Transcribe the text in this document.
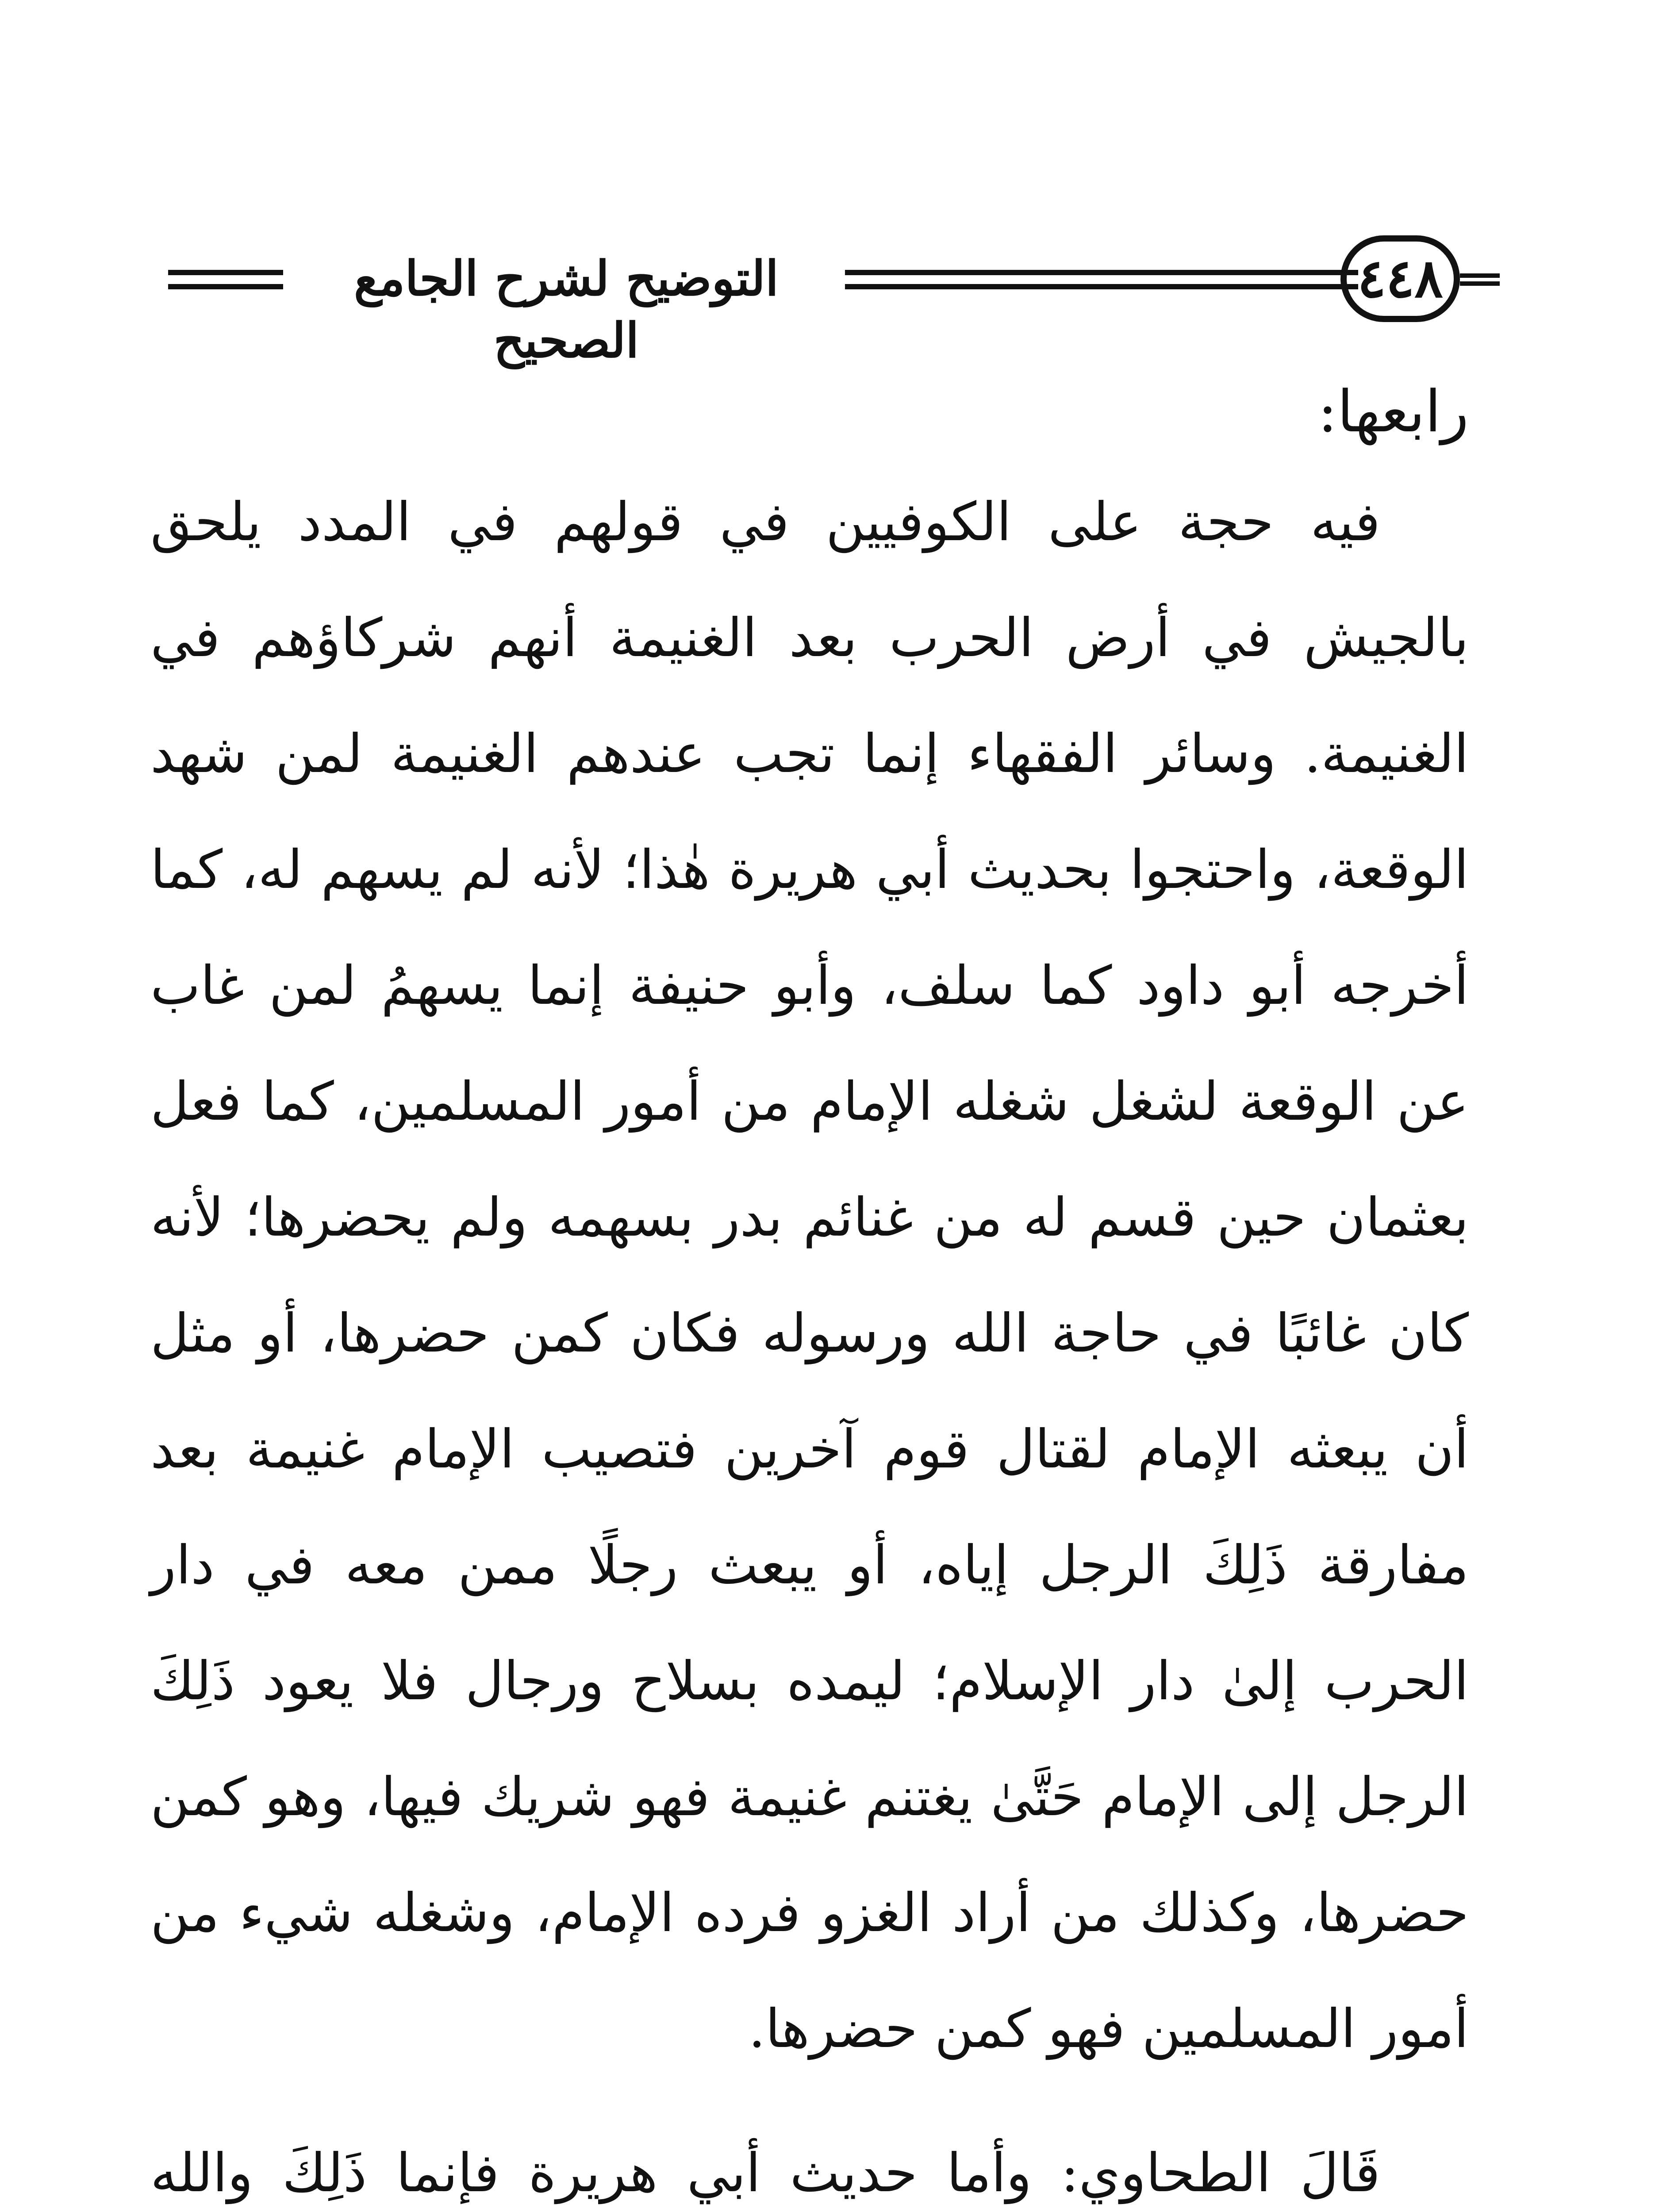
٤٤٨
التوضيح لشرح الجامع الصحيح

رابعها:

فيه حجة على الكوفيين في قولهم في المدد يلحق بالجيش في أرض الحرب بعد الغنيمة أنهم شركاؤهم في الغنيمة. وسائر الفقهاء إنما تجب عندهم الغنيمة لمن شهد الوقعة، واحتجوا بحديث أبي هريرة هٰذا؛ لأنه لم يسهم له، كما أخرجه أبو داود كما سلف، وأبو حنيفة إنما يسهمُ لمن غاب عن الوقعة لشغل شغله الإمام من أمور المسلمين، كما فعل بعثمان حين قسم له من غنائم بدر بسهمه ولم يحضرها؛ لأنه كان غائبًا في حاجة الله ورسوله فكان كمن حضرها، أو مثل أن يبعثه الإمام لقتال قوم آخرين فتصيب الإمام غنيمة بعد مفارقة ذَلِكَ الرجل إياه، أو يبعث رجلًا ممن معه في دار الحرب إلىٰ دار الإسلام؛ ليمده بسلاح ورجال فلا يعود ذَلِكَ الرجل إلى الإمام حَتَّىٰ يغتنم غنيمة فهو شريك فيها، وهو كمن حضرها، وكذلك من أراد الغزو فرده الإمام، وشغله شيء من أمور المسلمين فهو كمن حضرها.

قَالَ الطحاوي: وأما حديث أبي هريرة فإنما ذَلِكَ والله
